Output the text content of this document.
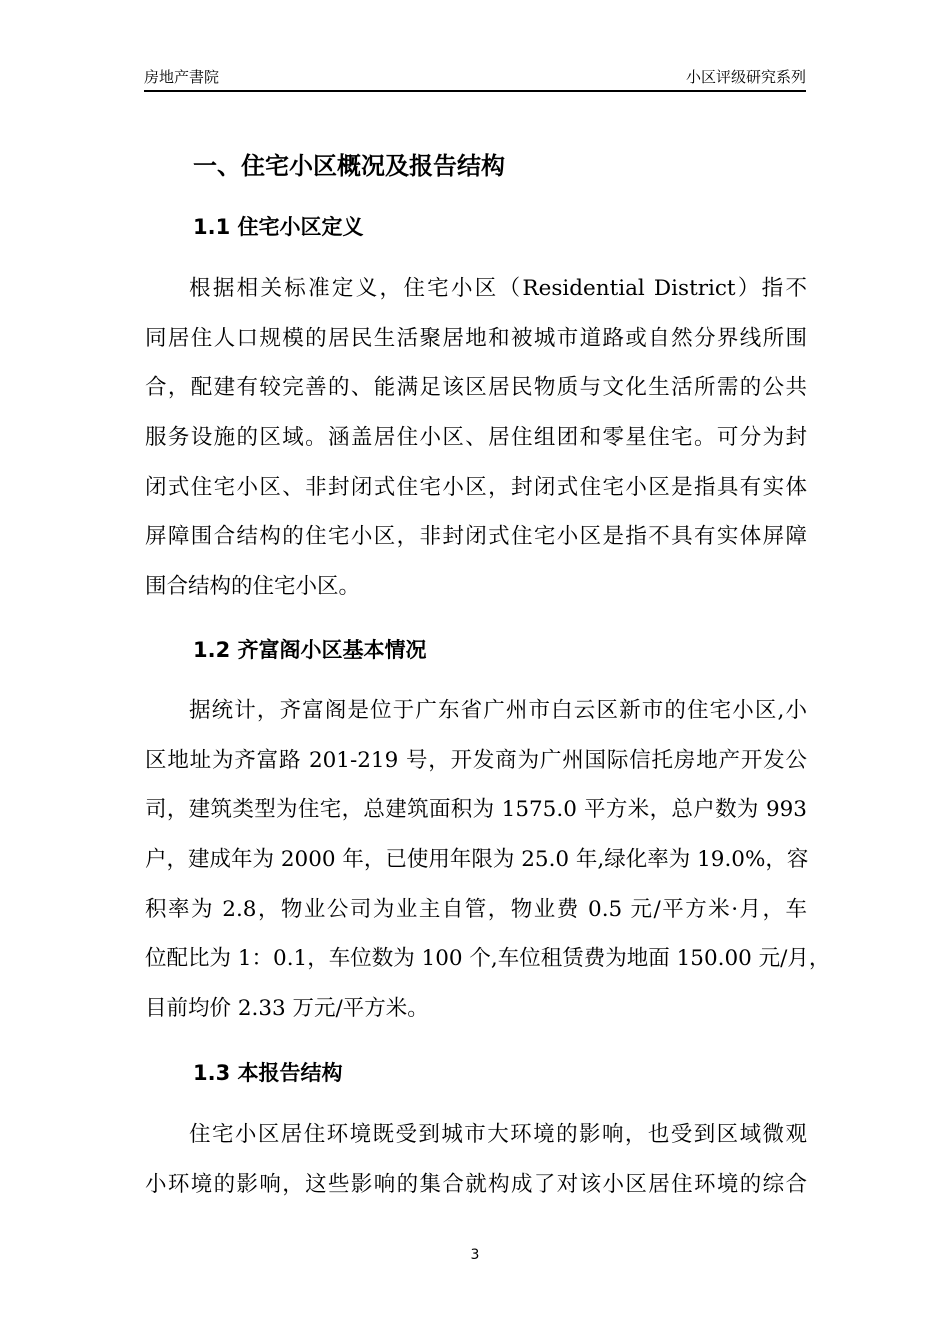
房地产書院	小区评级研究系列
一、住宅小区概况及报告结构
1.1 住宅小区定义
根据相关标准定义，住宅小区（Residential District）指不
同居住人口规模的居民生活聚居地和被城市道路或自然分界线所围
合，配建有较完善的、能满足该区居民物质与文化生活所需的公共
服务设施的区域。涵盖居住小区、居住组团和零星住宅。可分为封
闭式住宅小区、非封闭式住宅小区，封闭式住宅小区是指具有实体
屏障围合结构的住宅小区，非封闭式住宅小区是指不具有实体屏障
围合结构的住宅小区。
1.2 齐富阁小区基本情况
据统计，齐富阁是位于广东省广州市白云区新市的住宅小区,小
区地址为齐富路 201-219 号，开发商为广州国际信托房地产开发公
司，建筑类型为住宅，总建筑面积为 1575.0 平方米，总户数为 993
户，建成年为 2000 年，已使用年限为 25.0 年,绿化率为 19.0%，容
积率为 2.8，物业公司为业主自管，物业费 0.5 元/平方米·月，车
位配比为 1：0.1，车位数为 100 个,车位租赁费为地面 150.00 元/月，
目前均价 2.33 万元/平方米。
1.3 本报告结构
住宅小区居住环境既受到城市大环境的影响，也受到区域微观
小环境的影响，这些影响的集合就构成了对该小区居住环境的综合
3
